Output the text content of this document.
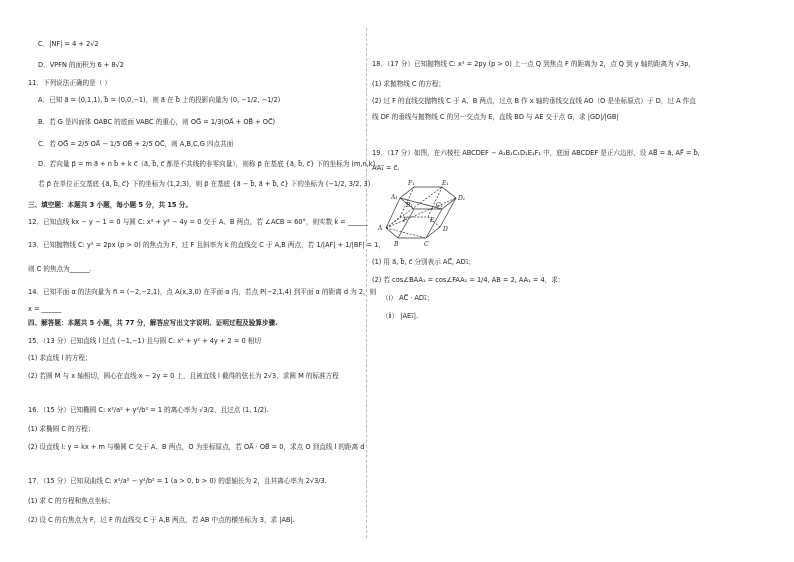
C．|NF| = 4 + 2√2
D．VPFN 的面积为 6 + 8√2
11．下列说法正确的是（ ）
A．已知 a⃗ = (0,1,1), b⃗ = (0,0,−1)，则 a⃗ 在 b⃗ 上的投影向量为 (0, −1/2, −1/2)
B．若 G 是四面体 OABC 的底面 VABC 的重心，则 OG⃗ = 1/3(OA⃗ + OB⃗ + OC⃗)
C．若 OG⃗ = 2/5 OA⃗ − 1/5 OB⃗ + 2/5 OC⃗，则 A,B,C,G 四点共面
D．若向量 p⃗ = m a⃗ + n b⃗ + k c⃗（a⃗, b⃗, c⃗ 都是不共线的非零向量），则称 p⃗ 在基底 {a⃗, b⃗, c⃗} 下的坐标为 (m,n,k)，
若 p⃗ 在单位正交基底 {a⃗, b⃗, c⃗} 下的坐标为 (1,2,3)，则 p⃗ 在基底 {a⃗ − b⃗, a⃗ + b⃗, c⃗} 下的坐标为 (−1/2, 3/2, 3)
三、填空题：本题共 3 小题，每小题 5 分，共 15 分。
12．已知直线 kx − y − 1 = 0 与圆 C: x² + y² − 4y = 0 交于 A、B 两点，若 ∠ACB = 60°，则实数 k = ______
13．已知抛物线 C: y² = 2px (p > 0) 的焦点为 F，过 F 且斜率为 k 的直线交 C 于 A,B 两点，若 1/|AF| + 1/|BF| = 1，
则 C 的焦点为______.
14．已知平面 α 的法向量为 n⃗ = (−2,−2,1)，点 A(x,3,0) 在平面 α 内，若点 P(−2,1,4) 到平面 α 的距离 d 为 2，则
x = ______
四、解答题：本题共 5 小题，共 77 分，解答应写出文字说明、证明过程及验算步骤.
15．（13 分）已知直线 l 过点 (−1,−1) 且与圆 C: x² + y² + 4y + 2 = 0 相切
(1) 求直线 l 的方程；
(2) 若圆 M 与 x 轴相切，圆心在直线 x − 2y = 0 上，且被直线 l 截得的弦长为 2√3，求圆 M 的标准方程
16．（15 分）已知椭圆 C: x²/a² + y²/b² = 1 的离心率为 √3/2，且过点 (1, 1/2).
(1) 求椭圆 C 的方程；
(2) 设直线 l: y = kx + m 与椭圆 C 交于 A、B 两点，O 为坐标原点，若 OA⃗ · OB⃗ = 0，求点 O 到直线 l 的距离 d
17．（15 分）已知双曲线 C: x²/a² − y²/b² = 1 (a > 0, b > 0) 的虚轴长为 2，且其离心率为 2√3/3.
(1) 求 C 的方程和焦点坐标；
(2) 设 C 的右焦点为 F，过 F 的直线交 C 于 A,B 两点，若 AB 中点的横坐标为 3，求 |AB|.
18．（17 分）已知抛物线 C: x² = 2py (p > 0) 上一点 Q 到焦点 F 的距离为 2，点 Q 到 y 轴的距离为 √3p，
(1) 求抛物线 C 的方程；
(2) 过 F 的直线交抛物线 C 于 A、B 两点，过点 B 作 x 轴的垂线交直线 AO（O 是坐标原点）于 D，过 A 作直
线 DF 的垂线与抛物线 C 的另一交点为 E，直线 BD 与 AE 交于点 G，求 |GD|/|GB|
19．（17 分）如图，在六棱柱 ABCDEF − A₁B₁C₁D₁E₁F₁ 中，底面 ABCDEF 是正六边形，设 AB⃗ = a⃗, AF⃗ = b⃗,
AA₁⃗ = c⃗.
F₁	E₁
A₁
B₁	C₁
D₁
A
F	E
B	C
D
(1) 用 a⃗, b⃗, c⃗ 分别表示 AC⃗, AD₁⃗；
(2) 若 cos∠BAA₁ = cos∠FAA₁ = 1/4, AB = 2, AA₁ = 4，求：
（ⅰ） AC⃗ · AD₁⃗；
（ⅱ） |AE₁⃗|.
